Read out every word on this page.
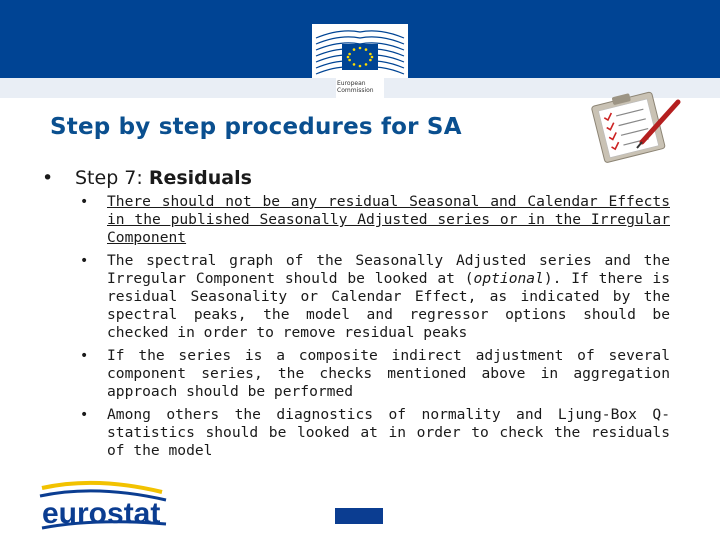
European
Commission
Step by step procedures for SA
• Step 7: Residuals
• There should not be any residual Seasonal and Calendar Effects in the published Seasonally Adjusted series or in the Irregular Component
• The spectral graph of the Seasonally Adjusted series and the Irregular Component should be looked at (optional). If there is residual Seasonality or Calendar Effect, as indicated by the spectral peaks, the model and regressor options should be checked in order to remove residual peaks
• If the series is a composite indirect adjustment of several component series, the checks mentioned above in aggregation approach should be performed
• Among others the diagnostics of normality and Ljung-Box Q-statistics should be looked at in order to check the residuals of the model
eurostat
